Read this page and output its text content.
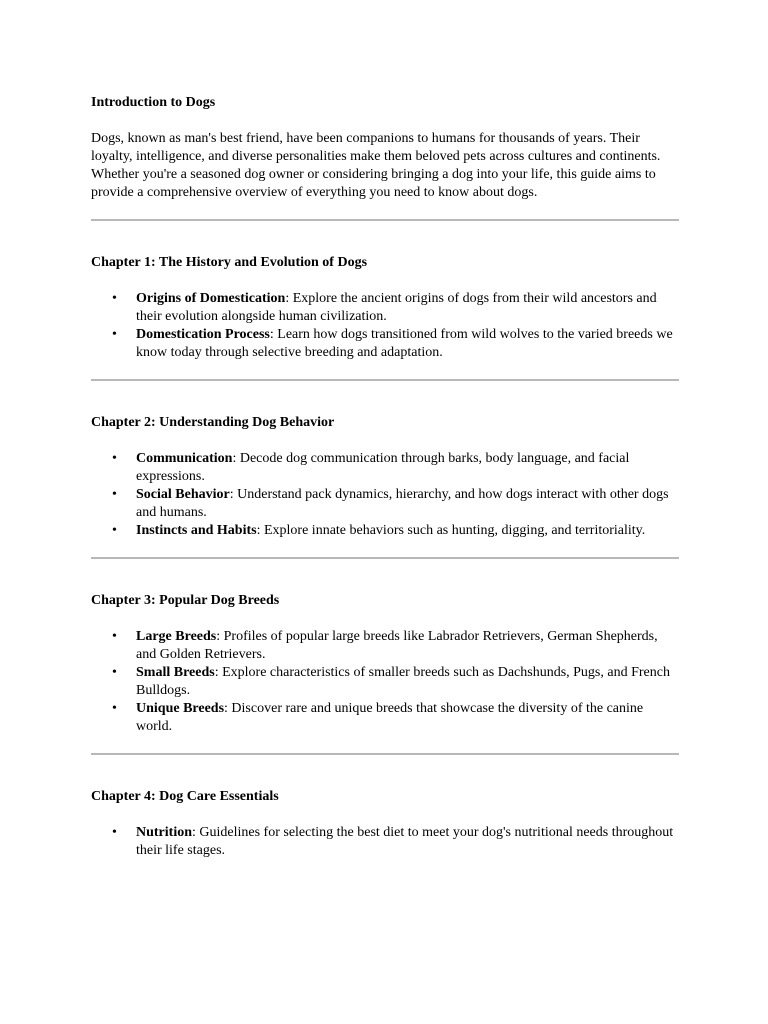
Introduction to Dogs

Dogs, known as man's best friend, have been companions to humans for thousands of years. Their loyalty, intelligence, and diverse personalities make them beloved pets across cultures and continents. Whether you're a seasoned dog owner or considering bringing a dog into your life, this guide aims to provide a comprehensive overview of everything you need to know about dogs.

Chapter 1: The History and Evolution of Dogs

• Origins of Domestication: Explore the ancient origins of dogs from their wild ancestors and their evolution alongside human civilization.
• Domestication Process: Learn how dogs transitioned from wild wolves to the varied breeds we know today through selective breeding and adaptation.

Chapter 2: Understanding Dog Behavior

• Communication: Decode dog communication through barks, body language, and facial expressions.
• Social Behavior: Understand pack dynamics, hierarchy, and how dogs interact with other dogs and humans.
• Instincts and Habits: Explore innate behaviors such as hunting, digging, and territoriality.

Chapter 3: Popular Dog Breeds

• Large Breeds: Profiles of popular large breeds like Labrador Retrievers, German Shepherds, and Golden Retrievers.
• Small Breeds: Explore characteristics of smaller breeds such as Dachshunds, Pugs, and French Bulldogs.
• Unique Breeds: Discover rare and unique breeds that showcase the diversity of the canine world.

Chapter 4: Dog Care Essentials

• Nutrition: Guidelines for selecting the best diet to meet your dog's nutritional needs throughout their life stages.
